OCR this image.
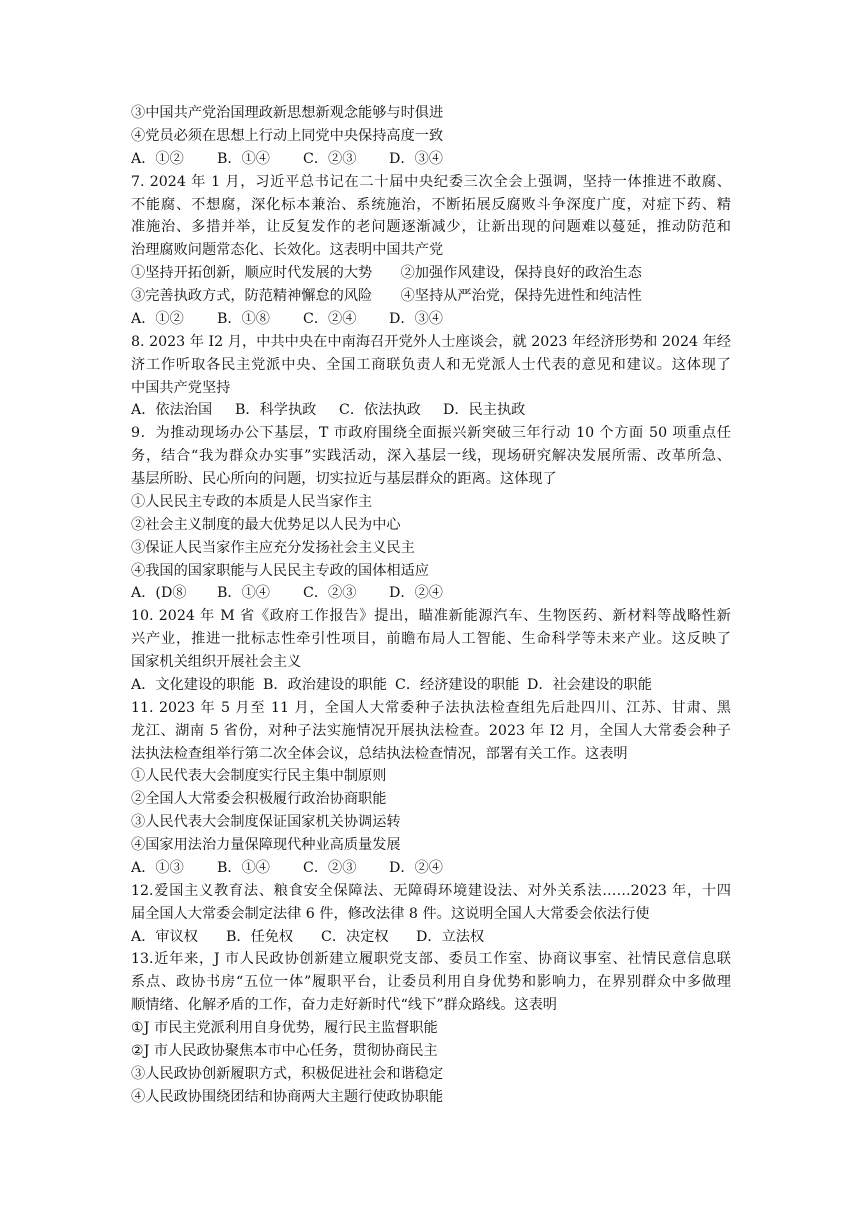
③中国共产党治国理政新思想新观念能够与时俱进
④党员必须在思想上行动上同党中央保持高度一致
A．①②	B．①④	C．②③	D．③④
7. 2024 年 1 月，习近平总书记在二十届中央纪委三次全会上强调，坚持一体推进不敢腐、
不能腐、不想腐，深化标本兼治、系统施治，不断拓展反腐败斗争深度广度，对症下药、精
准施治、多措并举，让反复发作的老问题逐渐减少，让新出现的问题难以蔓延，推动防范和
治理腐败问题常态化、长效化。这表明中国共产党
①坚持开拓创新，顺应时代发展的大势　　②加强作风建设，保持良好的政治生态
③完善执政方式，防范精神懈怠的风险　　④坚持从严治党，保持先进性和纯洁性
A．①②	B．①⑧	C．②④	D．③④
8. 2023 年 I2 月，中共中央在中南海召开党外人士座谈会，就 2023 年经济形势和 2024 年经
济工作听取各民主党派中央、全国工商联负责人和无党派人士代表的意见和建议。这体现了
中国共产党坚持
A．依法治国	B．科学执政	C．依法执政	D．民主执政
9．为推动现场办公下基层，T 市政府围绕全面振兴新突破三年行动 10 个方面 50 项重点任
务，结合“我为群众办实事”实践活动，深入基层一线，现场研究解决发展所需、改革所急、
基层所盼、民心所向的问题，切实拉近与基层群众的距离。这体现了
①人民民主专政的本质是人民当家作主
②社会主义制度的最大优势足以人民为中心
③保证人民当家作主应充分发扬社会主义民主
④我国的国家职能与人民民主专政的国体相适应
A．(D⑧	B．①④	C．②③	D．②④
10. 2024 年 M 省《政府工作报告》提出，瞄准新能源汽车、生物医药、新材料等战略性新
兴产业，推进一批标志性牵引性项目，前瞻布局人工智能、生命科学等未来产业。这反映了
国家机关组织开展社会主义
A．文化建设的职能 B．政治建设的职能 C．经济建设的职能 D．社会建设的职能
11. 2023 年 5 月至 11 月，全国人大常委种子法执法检查组先后赴四川、江苏、甘肃、黑
龙江、湖南 5 省份，对种子法实施情况开展执法检查。2023 年 I2 月，全国人大常委会种子
法执法检查组举行第二次全体会议，总结执法检查情况，部署有关工作。这表明
①人民代表大会制度实行民主集中制原则
②全国人大常委会积极履行政治协商职能
③人民代表大会制度保证国家机关协调运转
④国家用法治力量保障现代种业高质量发展
A．①③	B．①④	C．②③	D．②④
12.爱国主义教育法、粮食安全保障法、无障碍环境建设法、对外关系法……2023 年，十四
届全国人大常委会制定法律 6 件，修改法律 8 件。这说明全国人大常委会依法行使
A．审议权	B．任免权	C．决定权	D．立法权
13.近年来，J 市人民政协创新建立履职党支部、委员工作室、协商议事室、社情民意信息联
系点、政协书房“五位一体”履职平台，让委员利用自身优势和影响力，在界别群众中多做理
顺情绪、化解矛盾的工作，奋力走好新时代“线下”群众路线。这表明
①J 市民主党派利用自身优势，履行民主监督职能
②J 市人民政协聚焦本市中心任务，贯彻协商民主
③人民政协创新履职方式，积极促进社会和谐稳定
④人民政协围绕团结和协商两大主题行使政协职能
